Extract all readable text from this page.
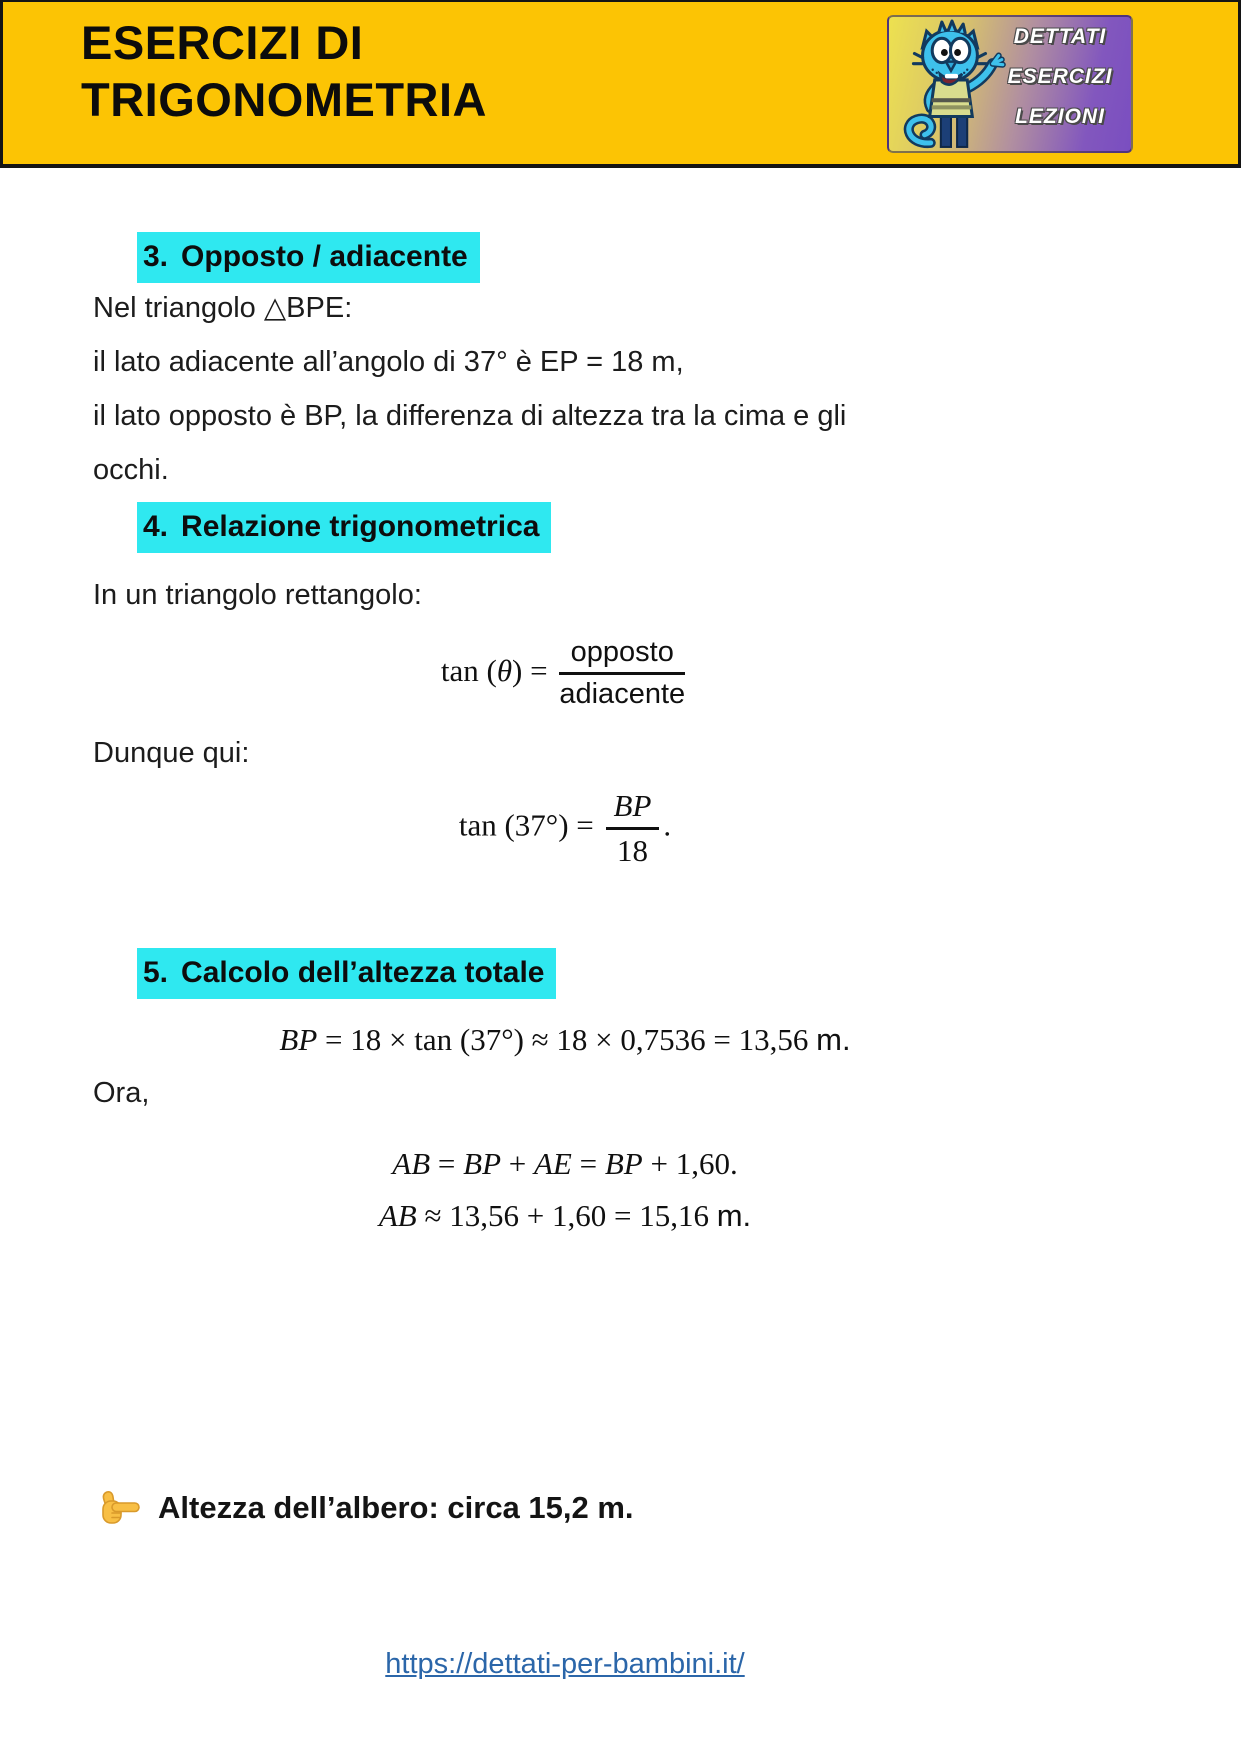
ESERCIZI DI
TRIGONOMETRIA
DETTATI
ESERCIZI
LEZIONI
3. Opposto / adiacente
Nel triangolo △BPE:
il lato adiacente all’angolo di 37° è EP = 18 m,
il lato opposto è BP, la differenza di altezza tra la cima e gli
occhi.
4. Relazione trigonometrica
In un triangolo rettangolo:
$\tan (\theta) = \frac{\text{opposto}}{\text{adiacente}}$
Dunque qui:
$\tan (37^\circ) = \frac{BP}{18}$ .
5. Calcolo dell’altezza totale
BP = 18 × tan (37°) ≈ 18 × 0,7536 = 13,56 m.
Ora,
AB = BP + AE = BP + 1,60.
AB ≈ 13,56 + 1,60 = 15,16 m.
Altezza dell’albero: circa 15,2 m.
https://dettati-per-bambini.it/
